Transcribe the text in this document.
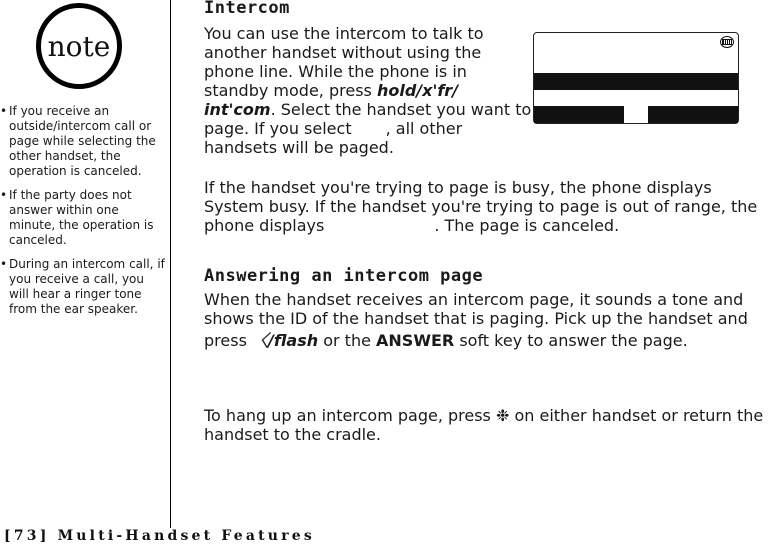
note
• If you receive an outside/intercom call or page while selecting the other handset, the operation is canceled.
• If the party does not answer within one minute, the operation is canceled.
• During an intercom call, if you receive a call, you will hear a ringer tone from the ear speaker.
Intercom
You can use the intercom to talk to another handset without using the phone line. While the phone is in standby mode, press hold/x'fr/ int'com. Select the handset you want to page. If you select , all other handsets will be paged.
If the handset you're trying to page is busy, the phone displays System busy. If the handset you're trying to page is out of range, the phone displays	. The page is canceled.
Answering an intercom page
When the handset receives an intercom page, it sounds a tone and shows the ID of the handset that is paging. Pick up the handset and press 〈/flash or the ANSWER soft key to answer the page.
To hang up an intercom page, press ❉ on either handset or return the handset to the cradle.
[73] Multi-Handset Features
